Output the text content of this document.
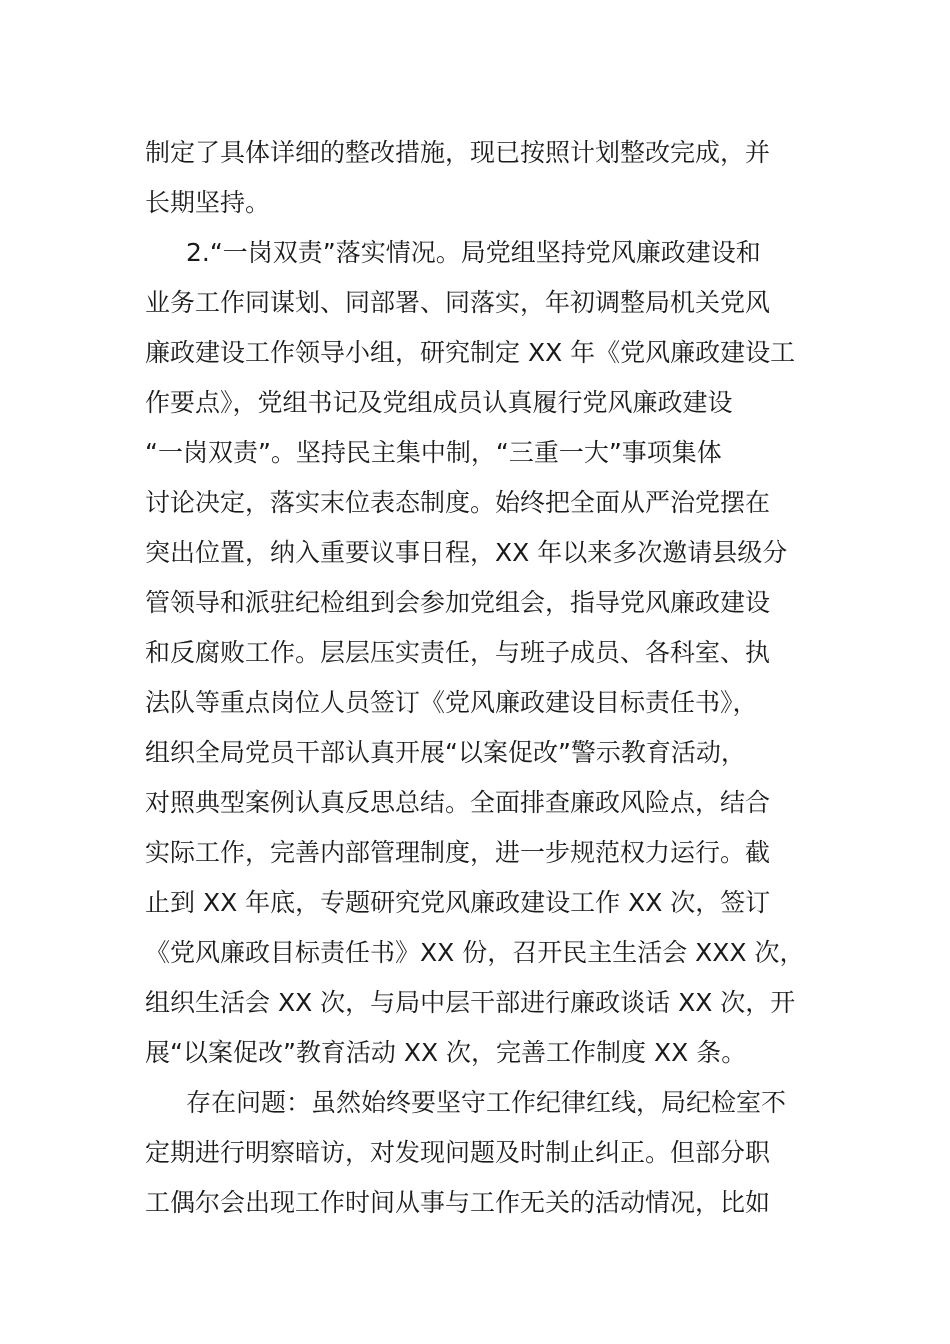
制定了具体详细的整改措施，现已按照计划整改完成，并
长期坚持。
2.“一岗双责”落实情况。局党组坚持党风廉政建设和
业务工作同谋划、同部署、同落实，年初调整局机关党风
廉政建设工作领导小组，研究制定 XX 年《党风廉政建设工
作要点》，党组书记及党组成员认真履行党风廉政建设
“一岗双责”。坚持民主集中制，“三重一大”事项集体
讨论决定，落实末位表态制度。始终把全面从严治党摆在
突出位置，纳入重要议事日程，XX 年以来多次邀请县级分
管领导和派驻纪检组到会参加党组会，指导党风廉政建设
和反腐败工作。层层压实责任，与班子成员、各科室、执
法队等重点岗位人员签订《党风廉政建设目标责任书》，
组织全局党员干部认真开展“以案促改”警示教育活动，
对照典型案例认真反思总结。全面排查廉政风险点，结合
实际工作，完善内部管理制度，进一步规范权力运行。截
止到 XX 年底，专题研究党风廉政建设工作 XX 次，签订
《党风廉政目标责任书》XX 份，召开民主生活会 XXX 次，
组织生活会 XX 次，与局中层干部进行廉政谈话 XX 次，开
展“以案促改”教育活动 XX 次，完善工作制度 XX 条。
存在问题：虽然始终要坚守工作纪律红线，局纪检室不
定期进行明察暗访，对发现问题及时制止纠正。但部分职
工偶尔会出现工作时间从事与工作无关的活动情况，比如
